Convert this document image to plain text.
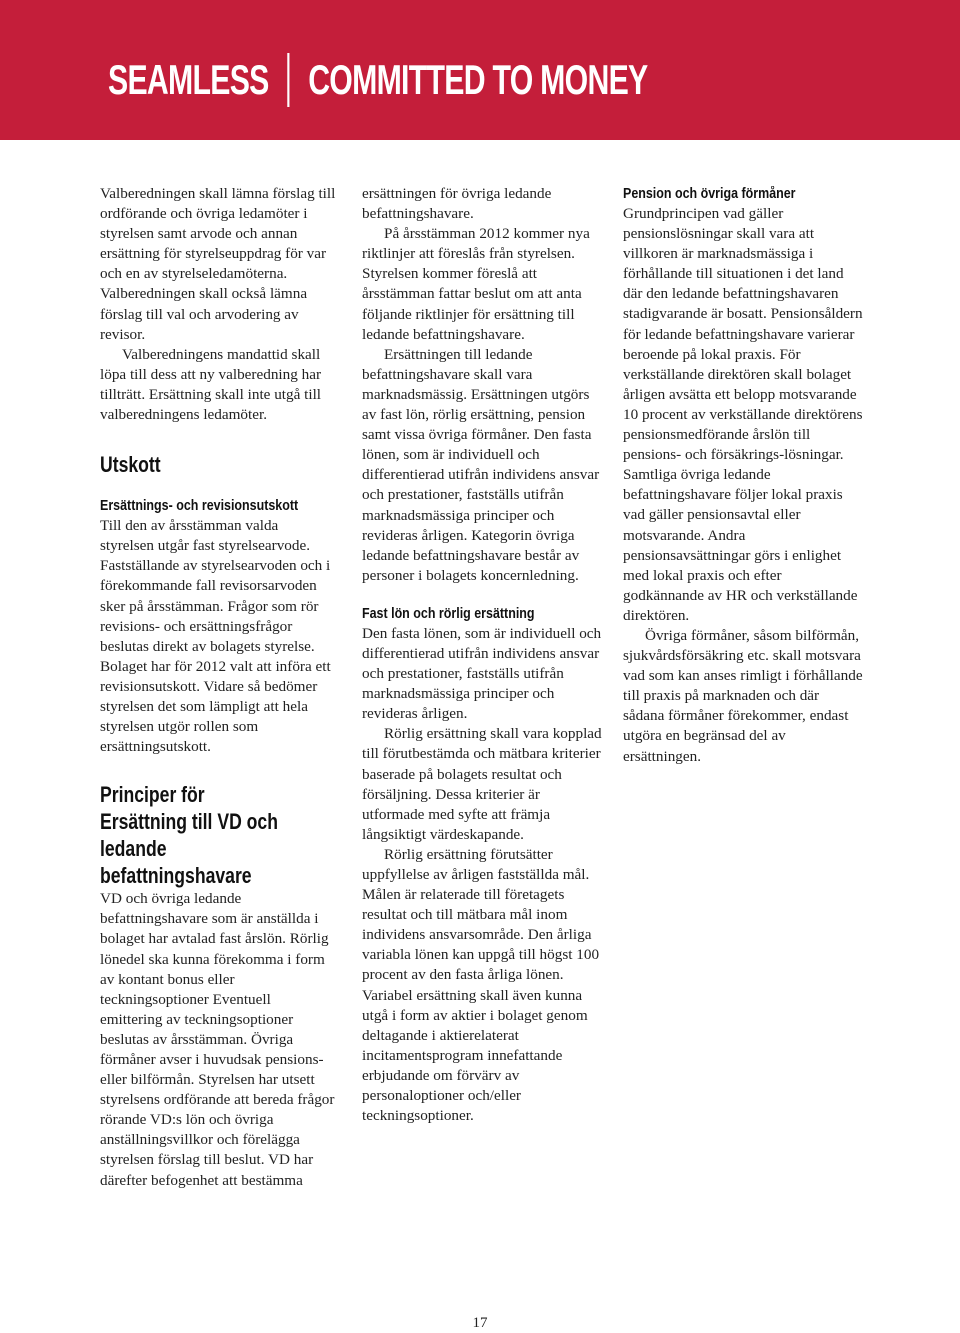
SEAMLESS COMMITTED TO MONEY

Valberedningen skall lämna förslag till ordförande och övriga ledamöter i styrelsen samt arvode och annan ersättning för styrelseuppdrag för var och en av styrelseledamöterna. Valberedningen skall också lämna förslag till val och arvodering av revisor.

Valberedningens mandattid skall löpa till dess att ny valberedning har tillträtt. Ersättning skall inte utgå till valberedningens ledamöter.

Utskott
Ersättnings- och revisionsutskott

Till den av årsstämman valda styrelsen utgår fast styrelsearvode. Fastställande av styrelsearvoden och i förekommande fall revisorsarvoden sker på årsstämman. Frågor som rör revisions- och ersättningsfrågor beslutas direkt av bolagets styrelse. Bolaget har för 2012 valt att införa ett revisionsutskott. Vidare så bedömer styrelsen det som lämpligt att hela styrelsen utgör rollen som ersättningsutskott.

Principer för Ersättning till VD och ledande befattningshavare

VD och övriga ledande befattningshavare som är anställda i bolaget har avtalad fast årslön. Rörlig lönedel ska kunna förekomma i form av kontant bonus eller teckningsoptioner Eventuell emittering av teckningsoptioner beslutas av årsstämman. Övriga förmåner avser i huvudsak pensions- eller bilförmån. Styrelsen har utsett styrelsens ordförande att bereda frågor rörande VD:s lön och övriga anställningsvillkor och förelägga styrelsen förslag till beslut. VD har därefter befogenhet att bestämma

ersättningen för övriga ledande befattningshavare.

På årsstämman 2012 kommer nya riktlinjer att föreslås från styrelsen. Styrelsen kommer föreslå att årsstämman fattar beslut om att anta följande riktlinjer för ersättning till ledande befattningshavare.

Ersättningen till ledande befattningshavare skall vara marknadsmässig. Ersättningen utgörs av fast lön, rörlig ersättning, pension samt vissa övriga förmåner. Den fasta lönen, som är individuell och differentierad utifrån individens ansvar och prestationer, fastställs utifrån marknadsmässiga principer och revideras årligen. Kategorin övriga ledande befattningshavare består av personer i bolagets koncernledning.

Fast lön och rörlig ersättning

Den fasta lönen, som är individuell och differentierad utifrån individens ansvar och prestationer, fastställs utifrån marknadsmässiga principer och revideras årligen.

Rörlig ersättning skall vara kopplad till förutbestämda och mätbara kriterier baserade på bolagets resultat och försäljning. Dessa kriterier är utformade med syfte att främja långsiktigt värdeskapande.

Rörlig ersättning förutsätter uppfyllelse av årligen fastställda mål. Målen är relaterade till företagets resultat och till mätbara mål inom individens ansvarsområde. Den årliga variabla lönen kan uppgå till högst 100 procent av den fasta årliga lönen. Variabel ersättning skall även kunna utgå i form av aktier i bolaget genom deltagande i aktierelaterat incitamentsprogram innefattande erbjudande om förvärv av personaloptioner och/eller teckningsoptioner.

Pension och övriga förmåner

Grundprincipen vad gäller pensionslösningar skall vara att villkoren är marknadsmässiga i förhållande till situationen i det land där den ledande befattningshavaren stadigvarande är bosatt. Pensionsåldern för ledande befattningshavare varierar beroende på lokal praxis. För verkställande direktören skall bolaget årligen avsätta ett belopp motsvarande 10 procent av verkställande direktörens pensionsmedförande årslön till pensions- och försäkrings-lösningar. Samtliga övriga ledande befattningshavare följer lokal praxis vad gäller pensionsavtal eller motsvarande. Andra pensionsavsättningar görs i enlighet med lokal praxis och efter godkännande av HR och verkställande direktören.

Övriga förmåner, såsom bilförmån, sjukvårdsförsäkring etc. skall motsvara vad som kan anses rimligt i förhållande till praxis på marknaden och där sådana förmåner förekommer, endast utgöra en begränsad del av ersättningen.

17
